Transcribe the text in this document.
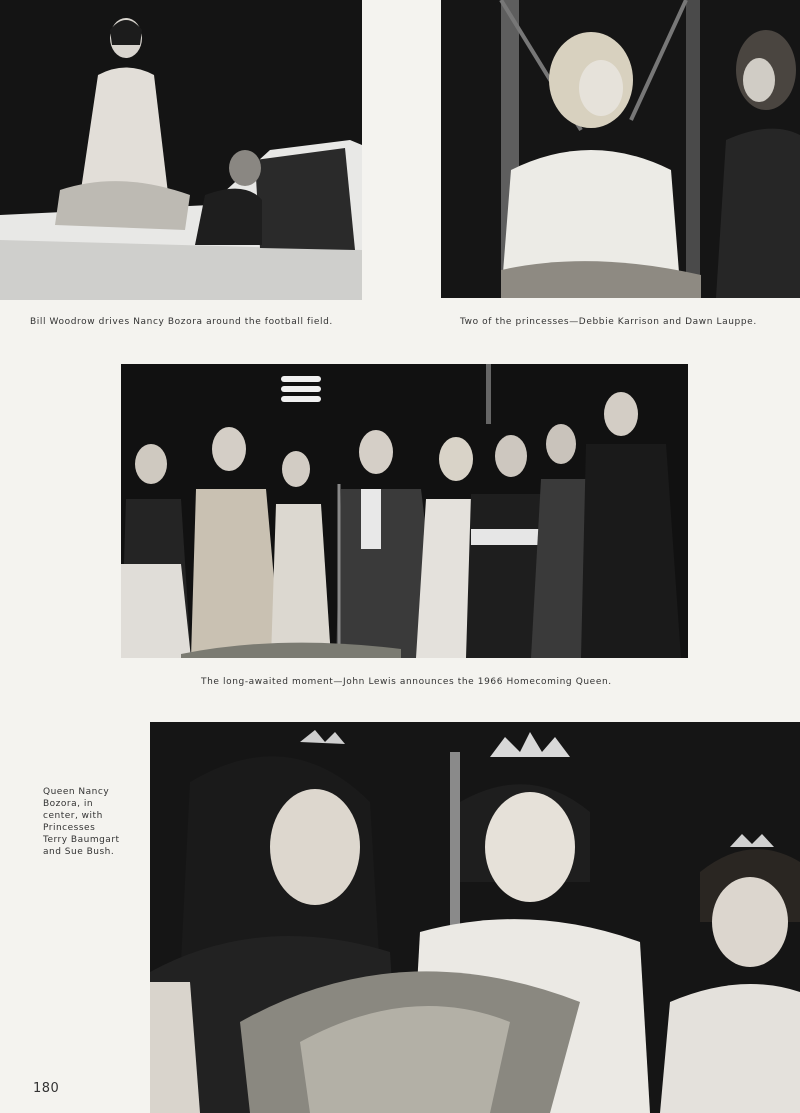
Bill Woodrow drives Nancy Bozora around the football field.	Two of the princesses—Debbie Karrison and Dawn Lauppe.
The long-awaited moment—John Lewis announces the 1966 Homecoming Queen.
Queen Nancy
Bozora, in
center, with
Princesses
Terry Baumgart
and Sue Bush.
180
